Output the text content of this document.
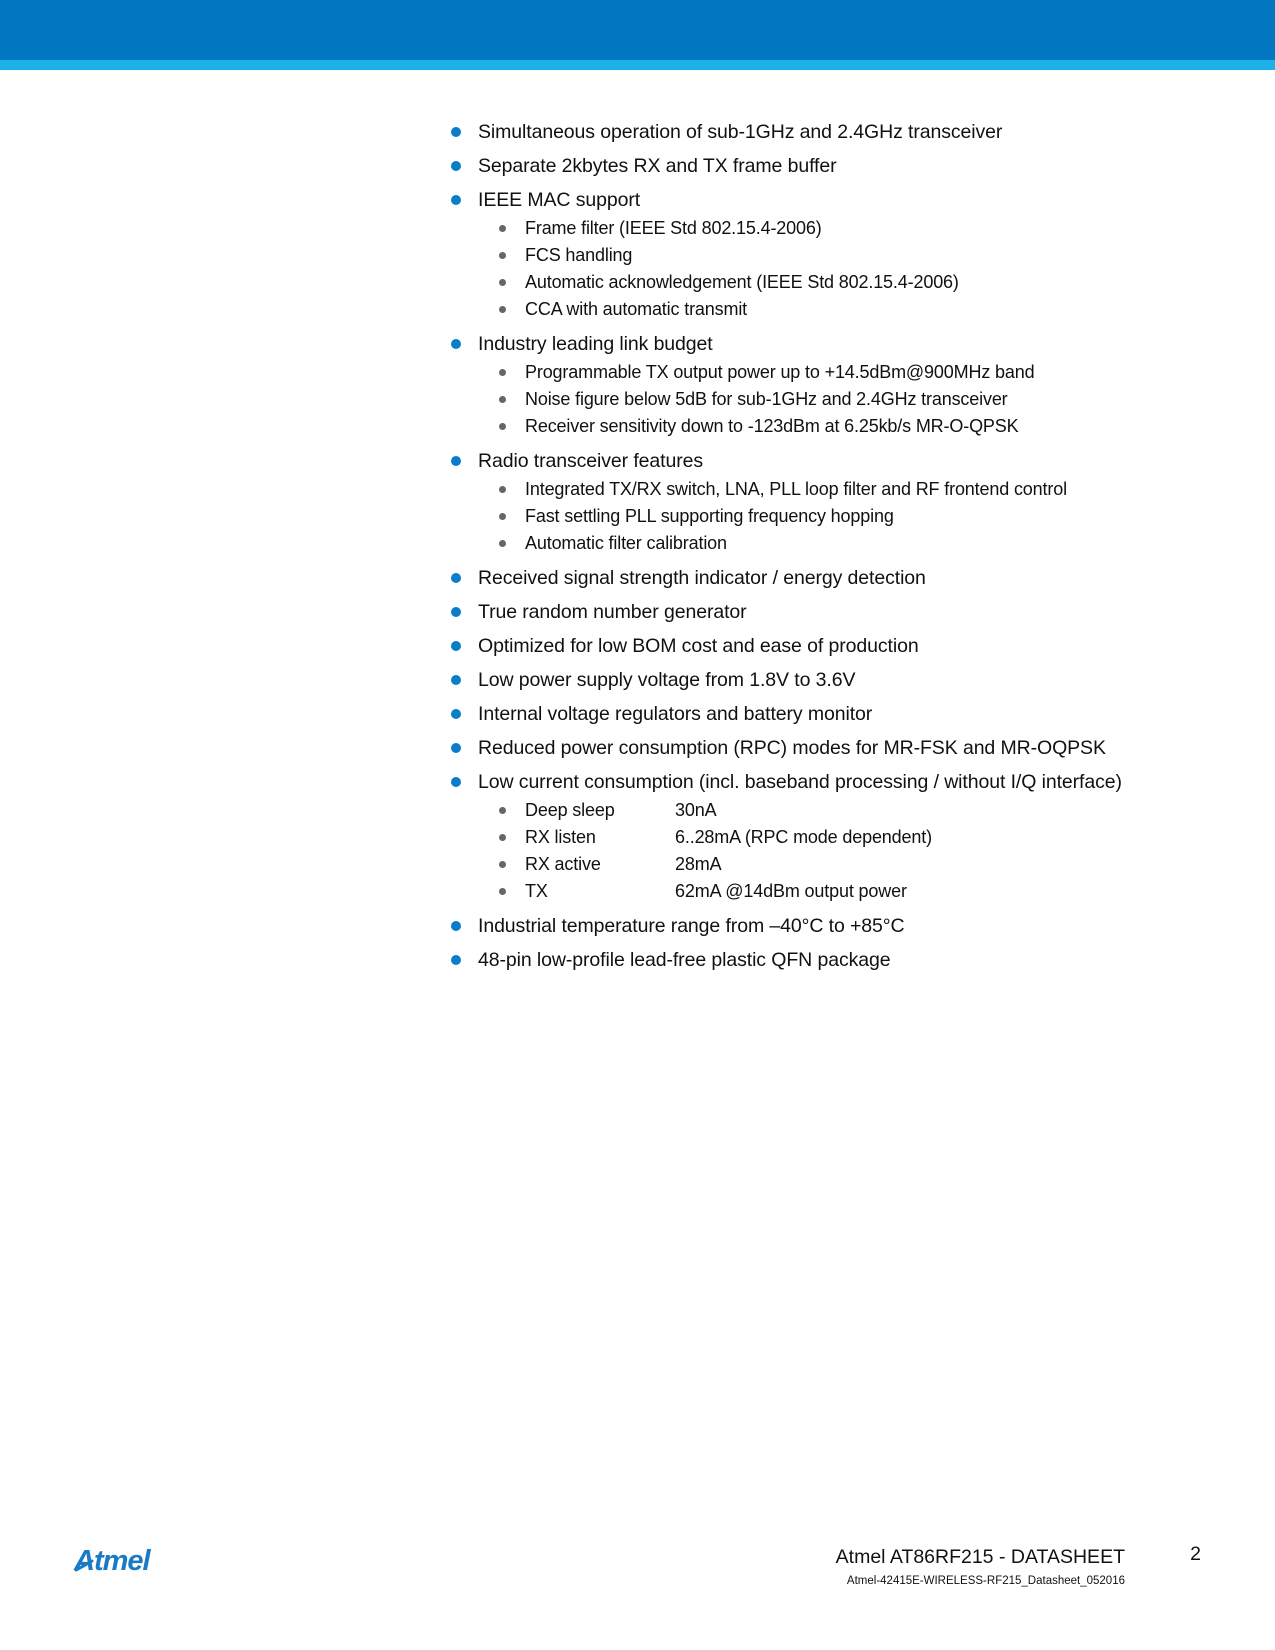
Simultaneous operation of sub-1GHz and 2.4GHz transceiver
Separate 2kbytes RX and TX frame buffer
IEEE MAC support
Frame filter (IEEE Std 802.15.4-2006)
FCS handling
Automatic acknowledgement (IEEE Std 802.15.4-2006)
CCA with automatic transmit
Industry leading link budget
Programmable TX output power up to +14.5dBm@900MHz band
Noise figure below 5dB for sub-1GHz and 2.4GHz transceiver
Receiver sensitivity down to -123dBm at 6.25kb/s MR-O-QPSK
Radio transceiver features
Integrated TX/RX switch, LNA, PLL loop filter and RF frontend control
Fast settling PLL supporting frequency hopping
Automatic filter calibration
Received signal strength indicator / energy detection
True random number generator
Optimized for low BOM cost and ease of production
Low power supply voltage from 1.8V to 3.6V
Internal voltage regulators and battery monitor
Reduced power consumption (RPC) modes for MR-FSK and MR-OQPSK
Low current consumption (incl. baseband processing / without I/Q interface)
Deep sleep	30nA
RX listen	6..28mA (RPC mode dependent)
RX active	28mA
TX	62mA @14dBm output power
Industrial temperature range from –40°C to +85°C
48-pin low-profile lead-free plastic QFN package
Atmel	Atmel AT86RF215 - DATASHEET
Atmel-42415E-WIRELESS-RF215_Datasheet_052016
2
